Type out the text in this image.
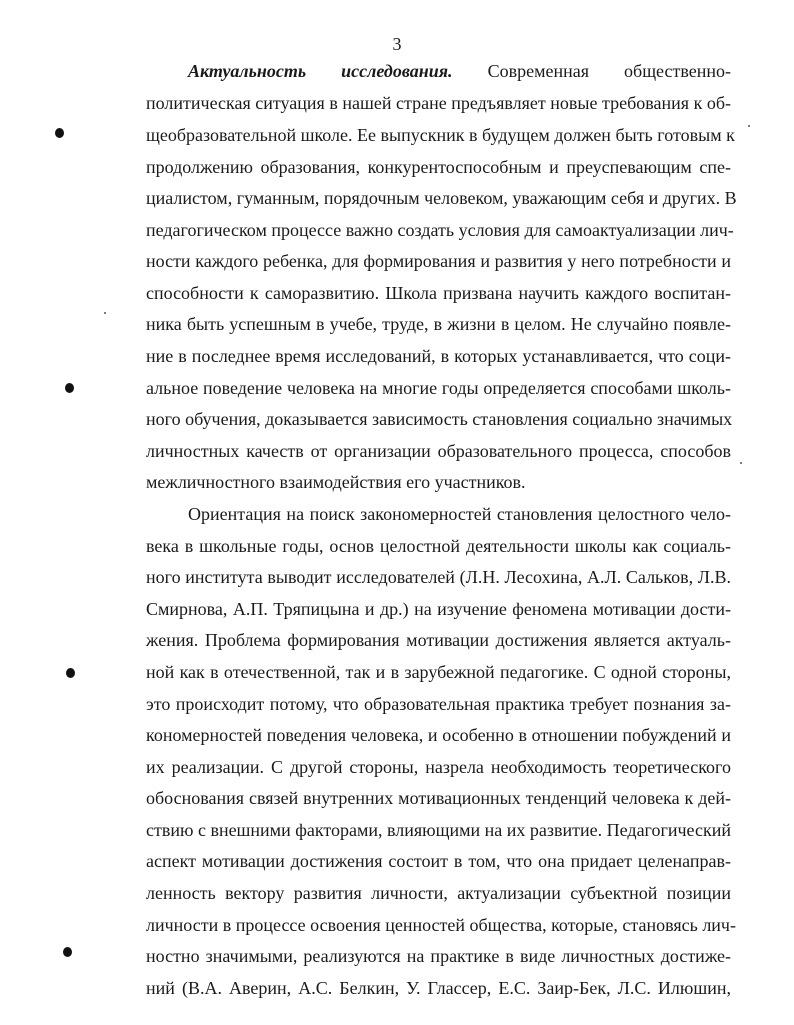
3
Актуальность исследования. Современная общественно-
политическая ситуация в нашей стране предъявляет новые требования к об-
щеобразовательной школе. Ее выпускник в будущем должен быть готовым к
продолжению образования, конкурентоспособным и преуспевающим спе-
циалистом, гуманным, порядочным человеком, уважающим себя и других. В
педагогическом процессе важно создать условия для самоактуализации лич-
ности каждого ребенка, для формирования и развития у него потребности и
способности к саморазвитию. Школа призвана научить каждого воспитан-
ника быть успешным в учебе, труде, в жизни в целом. Не случайно появле-
ние в последнее время исследований, в которых устанавливается, что соци-
альное поведение человека на многие годы определяется способами школь-
ного обучения, доказывается зависимость становления социально значимых
личностных качеств от организации образовательного процесса, способов
межличностного взаимодействия его участников.
Ориентация на поиск закономерностей становления целостного чело-
века в школьные годы, основ целостной деятельности школы как социаль-
ного института выводит исследователей (Л.Н. Лесохина, А.Л. Сальков, Л.В.
Смирнова, А.П. Тряпицына и др.) на изучение феномена мотивации дости-
жения. Проблема формирования мотивации достижения является актуаль-
ной как в отечественной, так и в зарубежной педагогике. С одной стороны,
это происходит потому, что образовательная практика требует познания за-
кономерностей поведения человека, и особенно в отношении побуждений и
их реализации. С другой стороны, назрела необходимость теоретического
обоснования связей внутренних мотивационных тенденций человека к дей-
ствию с внешними факторами, влияющими на их развитие. Педагогический
аспект мотивации достижения состоит в том, что она придает целенаправ-
ленность вектору развития личности, актуализации субъектной позиции
личности в процессе освоения ценностей общества, которые, становясь лич-
ностно значимыми, реализуются на практике в виде личностных достиже-
ний (В.А. Аверин, А.С. Белкин, У. Глассер, Е.С. Заир-Бек, Л.С. Илюшин,
